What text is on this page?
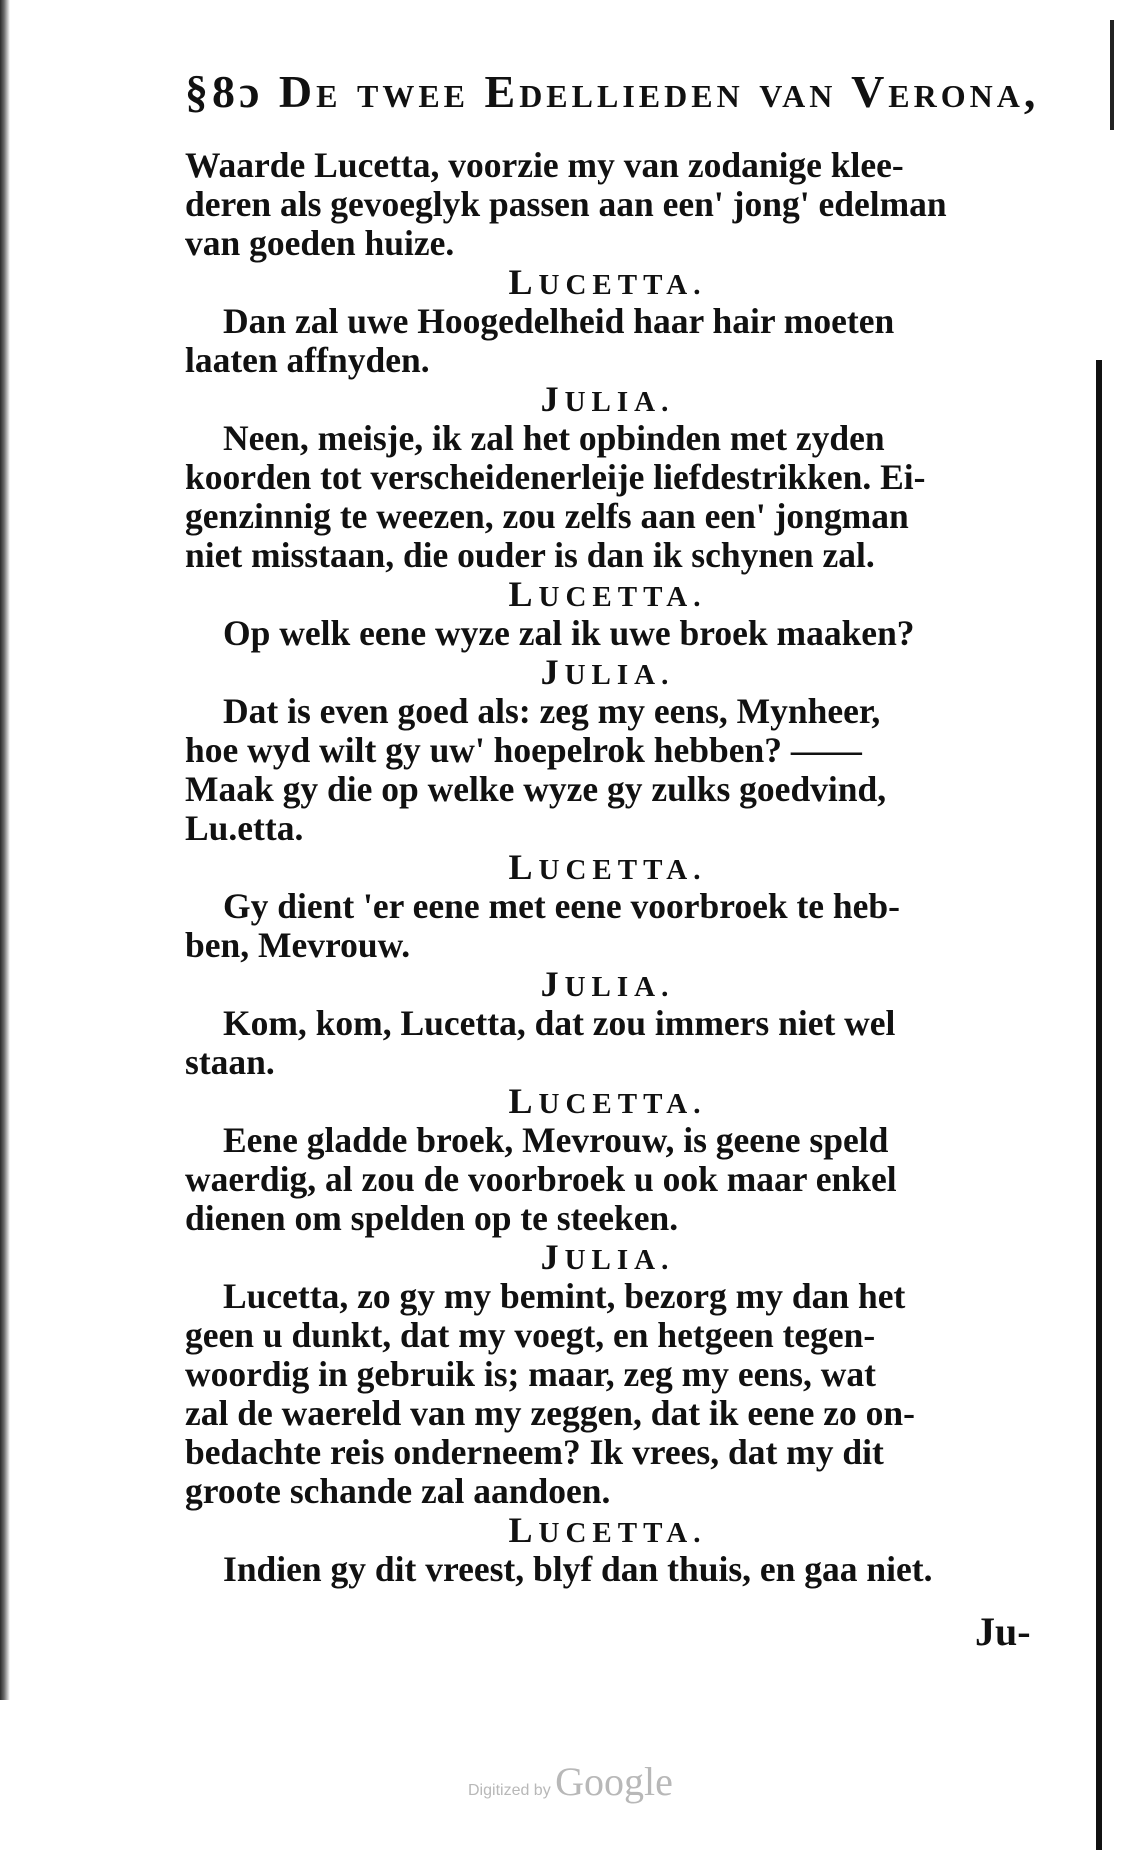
§8ɔ De twee Edellieden van Verona,
Waarde Lucetta, voorzie my van zodanige klee-
deren als gevoeglyk passen aan een' jong' edelman
van goeden huize.
LUCETTA.
Dan zal uwe Hoogedelheid haar hair moeten
laaten affnyden.
JULIA.
Neen, meisje, ik zal het opbinden met zyden
koorden tot verscheidenerleije liefdestrikken. Ei-
genzinnig te weezen, zou zelfs aan een' jongman
niet misstaan, die ouder is dan ik schynen zal.
LUCETTA.
Op welk eene wyze zal ik uwe broek maaken?
JULIA.
Dat is even goed als: zeg my eens, Mynheer,
hoe wyd wilt gy uw' hoepelrok hebben? ——
Maak gy die op welke wyze gy zulks goedvind,
Lu.etta.
LUCETTA.
Gy dient 'er eene met eene voorbroek te heb-
ben, Mevrouw.
JULIA.
Kom, kom, Lucetta, dat zou immers niet wel
staan.
LUCETTA.
Eene gladde broek, Mevrouw, is geene speld
waerdig, al zou de voorbroek u ook maar enkel
dienen om spelden op te steeken.
JULIA.
Lucetta, zo gy my bemint, bezorg my dan het
geen u dunkt, dat my voegt, en hetgeen tegen-
woordig in gebruik is; maar, zeg my eens, wat
zal de waereld van my zeggen, dat ik eene zo on-
bedachte reis onderneem? Ik vrees, dat my dit
groote schande zal aandoen.
LUCETTA.
Indien gy dit vreest, blyf dan thuis, en gaa niet.
Ju-
Digitized by Google
